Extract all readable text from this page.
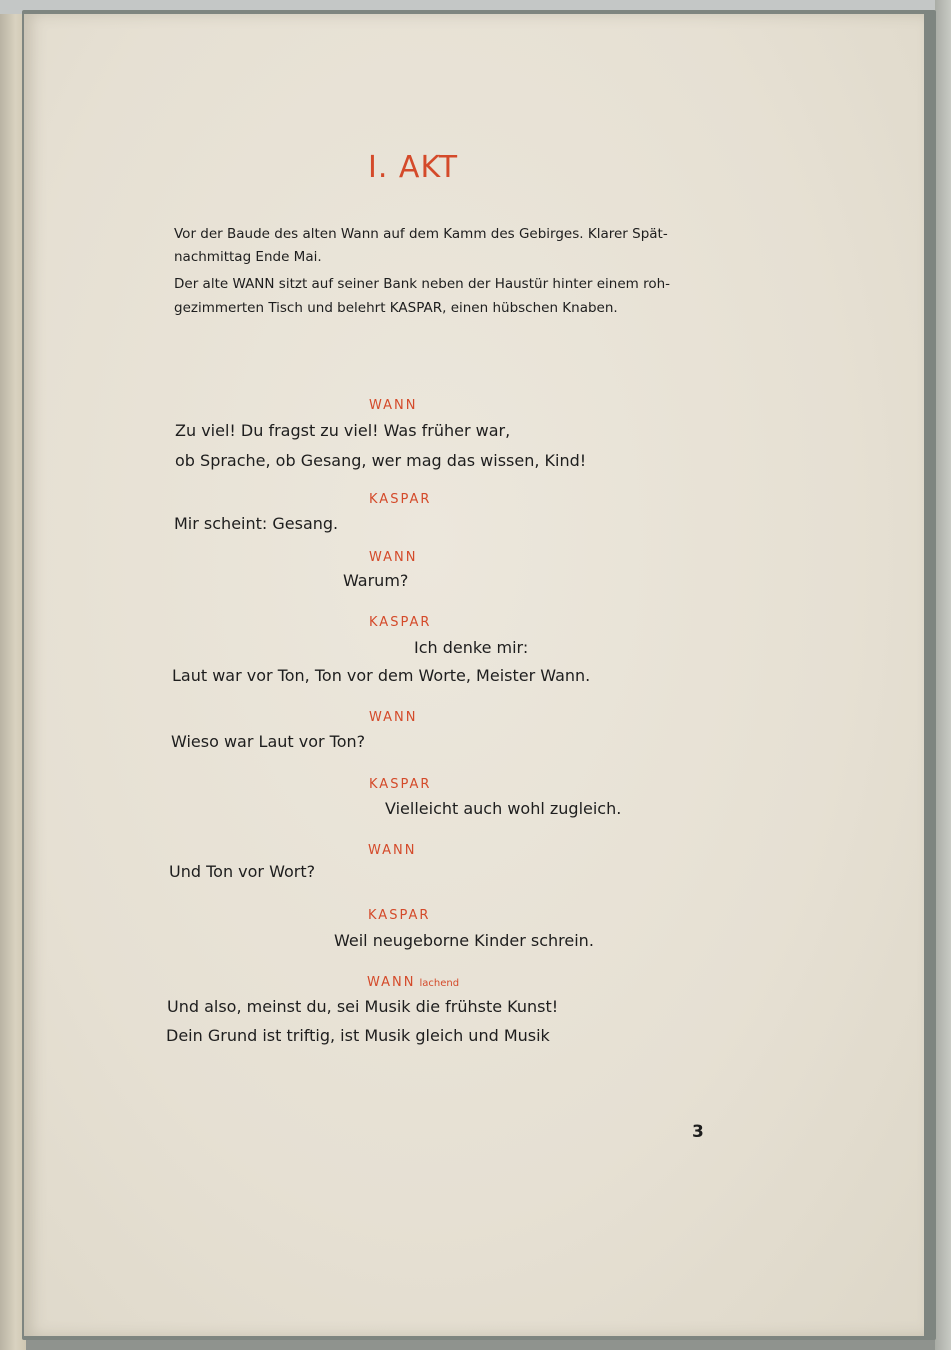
I. AKT
Vor der Baude des alten Wann auf dem Kamm des Gebirges. Klarer Spät-
nachmittag Ende Mai.
Der alte WANN sitzt auf seiner Bank neben der Haustür hinter einem roh-
gezimmerten Tisch und belehrt KASPAR, einen hübschen Knaben.
WANN
Zu viel! Du fragst zu viel! Was früher war,
ob Sprache, ob Gesang, wer mag das wissen, Kind!
KASPAR
Mir scheint: Gesang.
WANN
Warum?
KASPAR
Ich denke mir:
Laut war vor Ton, Ton vor dem Worte, Meister Wann.
WANN
Wieso war Laut vor Ton?
KASPAR
Vielleicht auch wohl zugleich.
WANN
Und Ton vor Wort?
KASPAR
Weil neugeborne Kinder schrein.
WANN lachend
Und also, meinst du, sei Musik die frühste Kunst!
Dein Grund ist triftig, ist Musik gleich und Musik
3
